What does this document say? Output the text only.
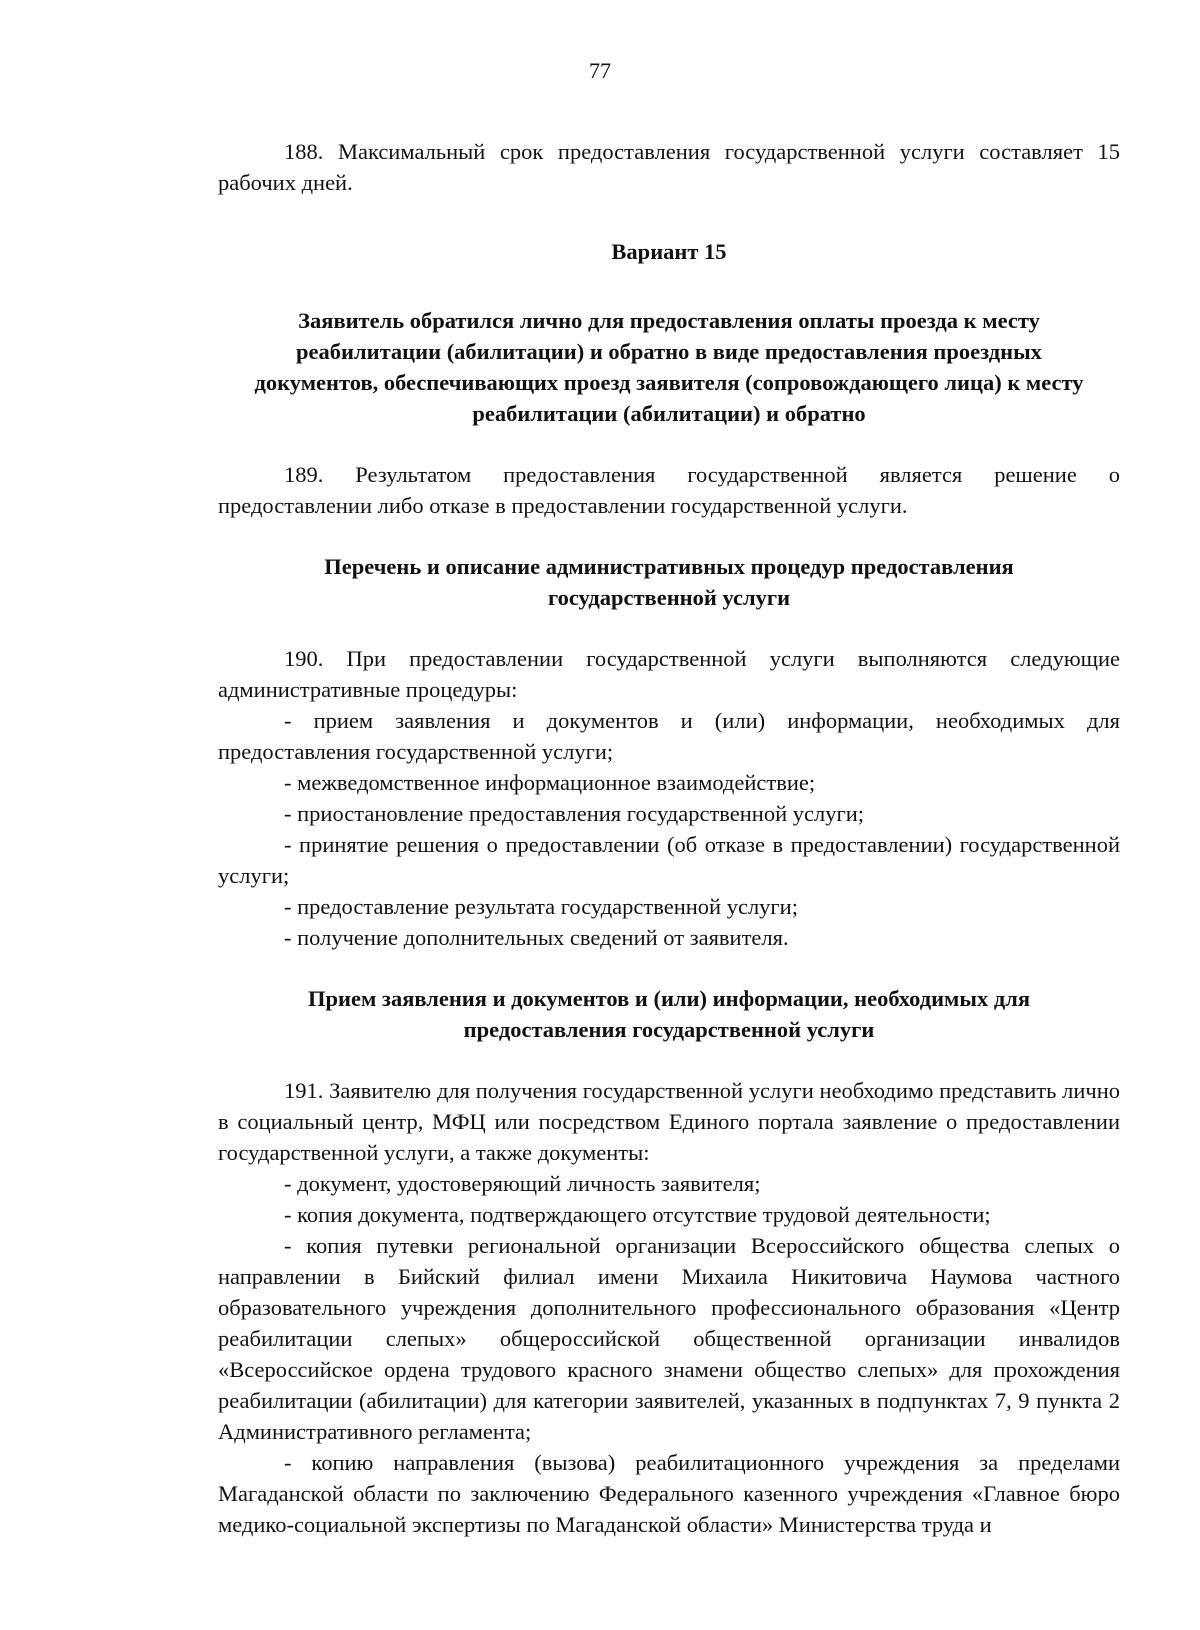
77

188. Максимальный срок предоставления государственной услуги составляет 15 рабочих дней.

Вариант 15

Заявитель обратился лично для предоставления оплаты проезда к месту реабилитации (абилитации) и обратно в виде предоставления проездных документов, обеспечивающих проезд заявителя (сопровождающего лица) к месту реабилитации (абилитации) и обратно

189. Результатом предоставления государственной является решение о предоставлении либо отказе в предоставлении государственной услуги.

Перечень и описание административных процедур предоставления государственной услуги

190. При предоставлении государственной услуги выполняются следующие административные процедуры:

- прием заявления и документов и (или) информации, необходимых для предоставления государственной услуги;

- межведомственное информационное взаимодействие;

- приостановление предоставления государственной услуги;

- принятие решения о предоставлении (об отказе в предоставлении) государственной услуги;

- предоставление результата государственной услуги;

- получение дополнительных сведений от заявителя.

Прием заявления и документов и (или) информации, необходимых для предоставления государственной услуги

191. Заявителю для получения государственной услуги необходимо представить лично в социальный центр, МФЦ или посредством Единого портала заявление о предоставлении государственной услуги, а также документы:

- документ, удостоверяющий личность заявителя;

- копия документа, подтверждающего отсутствие трудовой деятельности;

- копия путевки региональной организации Всероссийского общества слепых о направлении в Бийский филиал имени Михаила Никитовича Наумова частного образовательного учреждения дополнительного профессионального образования «Центр реабилитации слепых» общероссийской общественной организации инвалидов «Всероссийское ордена трудового красного знамени общество слепых» для прохождения реабилитации (абилитации) для категории заявителей, указанных в подпунктах 7, 9 пункта 2 Административного регламента;

- копию направления (вызова) реабилитационного учреждения за пределами Магаданской области по заключению Федерального казенного учреждения «Главное бюро медико-социальной экспертизы по Магаданской области» Министерства труда и
